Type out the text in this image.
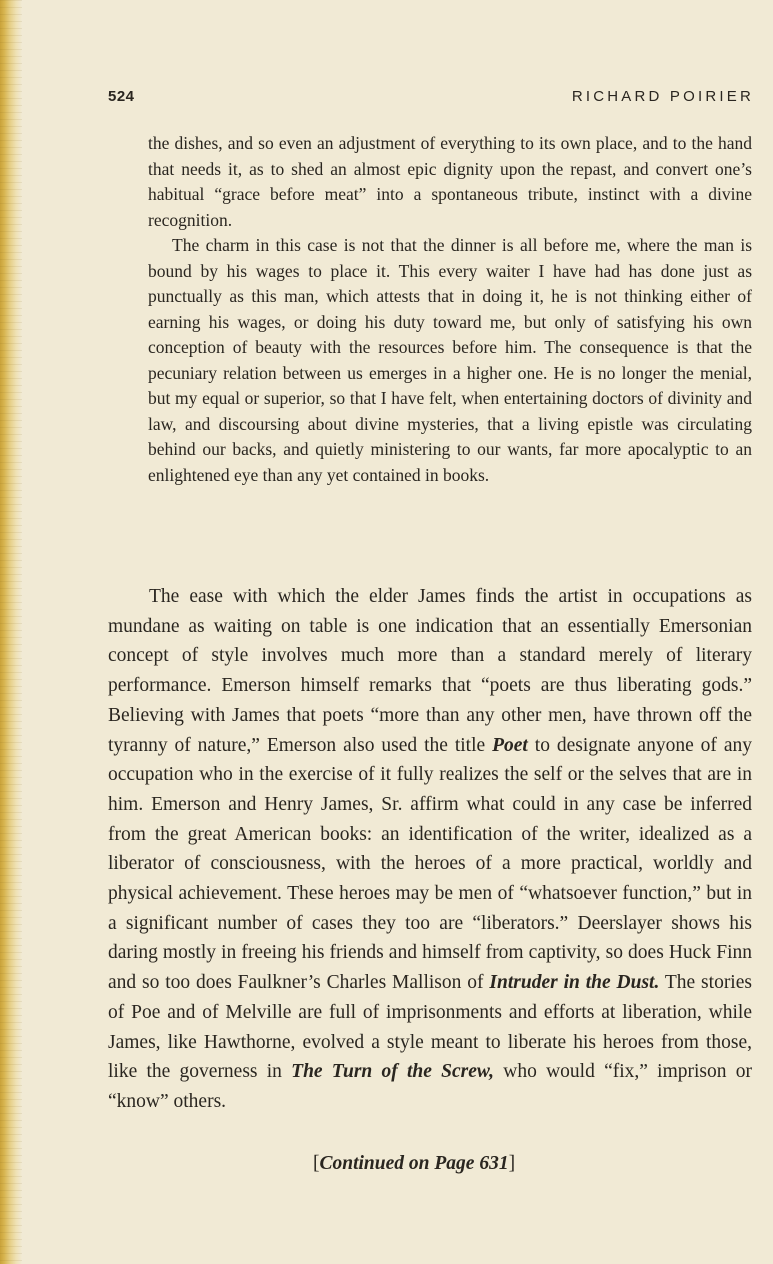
524	RICHARD POIRIER

the dishes, and so even an adjustment of everything to its own place, and to the hand that needs it, as to shed an almost epic dignity upon the repast, and convert one’s habitual “grace before meat” into a spontaneous tribute, instinct with a divine recognition.

The charm in this case is not that the dinner is all before me, where the man is bound by his wages to place it. This every waiter I have had has done just as punctually as this man, which attests that in doing it, he is not thinking either of earning his wages, or doing his duty toward me, but only of satisfying his own conception of beauty with the resources before him. The consequence is that the pecuniary relation between us emerges in a higher one. He is no longer the menial, but my equal or superior, so that I have felt, when entertaining doctors of divinity and law, and discoursing about divine mysteries, that a living epistle was circulating behind our backs, and quietly ministering to our wants, far more apocalyptic to an enlightened eye than any yet contained in books.

The ease with which the elder James finds the artist in occupations as mundane as waiting on table is one indication that an essentially Emersonian concept of style involves much more than a standard merely of literary performance. Emerson himself remarks that “poets are thus liberating gods.” Believing with James that poets “more than any other men, have thrown off the tyranny of nature,” Emerson also used the title Poet to designate anyone of any occupation who in the exercise of it fully realizes the self or the selves that are in him. Emerson and Henry James, Sr. affirm what could in any case be inferred from the great American books: an identification of the writer, idealized as a liberator of consciousness, with the heroes of a more practical, worldly and physical achievement. These heroes may be men of “whatsoever function,” but in a significant number of cases they too are “liberators.” Deerslayer shows his daring mostly in freeing his friends and himself from captivity, so does Huck Finn and so too does Faulkner’s Charles Mallison of Intruder in the Dust. The stories of Poe and of Melville are full of imprisonments and efforts at liberation, while James, like Hawthorne, evolved a style meant to liberate his heroes from those, like the governess in The Turn of the Screw, who would “fix,” imprison or “know” others.

[Continued on Page 631]
